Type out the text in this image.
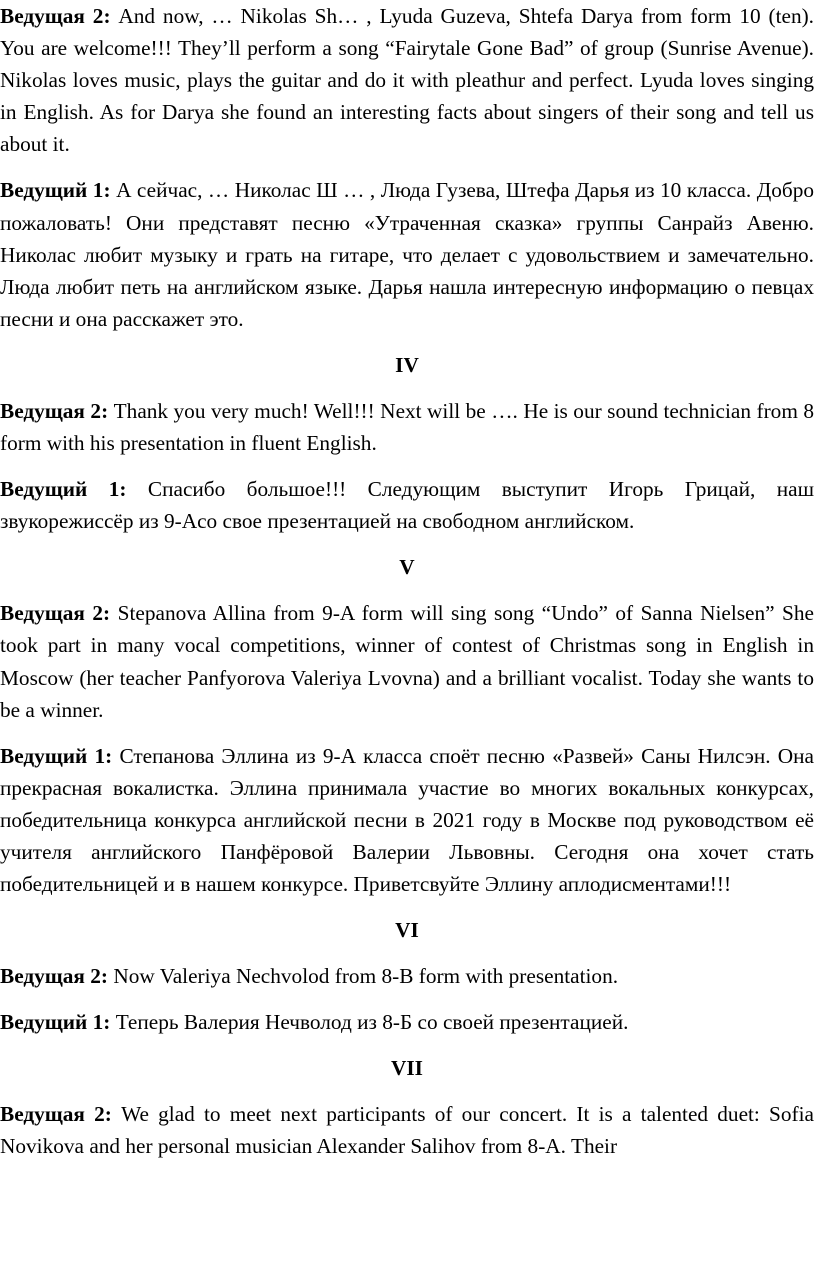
Ведущая 2: And now, … Nikolas Sh… , Lyuda Guzeva, Shtefa Darya from form 10 (ten). You are welcome!!! They’ll perform a song “Fairytale Gone Bad” of group (Sunrise Avenue). Nikolas loves music, plays the guitar and do it with pleathur and perfect. Lyuda loves singing in English. As for Darya she found an interesting facts about singers of their song and tell us about it.

Ведущий 1: А сейчас, … Николас Ш … , Люда Гузева, Штефа Дарья из 10 класса. Добро пожаловать! Они представят песню «Утраченная сказка» группы Санрайз Авеню. Николас любит музыку и грать на гитаре, что делает с удовольствием и замечательно. Люда любит петь на английском языке. Дарья нашла интересную информацию о певцах песни и она расскажет это.

IV

Ведущая 2: Thank you very much! Well!!! Next will be …. He is our sound technician from 8 form with his presentation in fluent English.

Ведущий 1: Спасибо большое!!! Следующим выступит Игорь Грицай, наш звукорежиссёр из 9-Aсо своe презентацией на свободном английском.

V

Ведущая 2: Stepanova Allina from 9-A form will sing song “Undo” of Sanna Nielsen” She took part in many vocal competitions, winner of contest of Christmas song in English in Moscow (her teacher Panfyorova Valeriya Lvovna) and a brilliant vocalist. Today she wants to be a winner.

Ведущий 1: Степанова Эллина из 9-А класса споёт песню «Развей» Саны Нилсэн. Она прекрасная вокалистка. Эллина принимала участие во многих вокальных конкурсах, победительница конкурса английской песни в 2021 году в Москве под руководством её учителя английского Панфёровой Валерии Львовны. Сегодня она хочет стать победительницей и в нашем конкурсе. Приветсвуйте Эллину аплодисментами!!!

VI

Ведущая 2: Now Valeriya Nechvolod from 8-B form with presentation.

Ведущий 1: Теперь Валерия Нечволод из 8-Б со своей презентацией.

VII

Ведущая 2: We glad to meet next participants of our concert. It is a talented duet: Sofia Novikova and her personal musician Alexander Salihov from 8-A. Their
